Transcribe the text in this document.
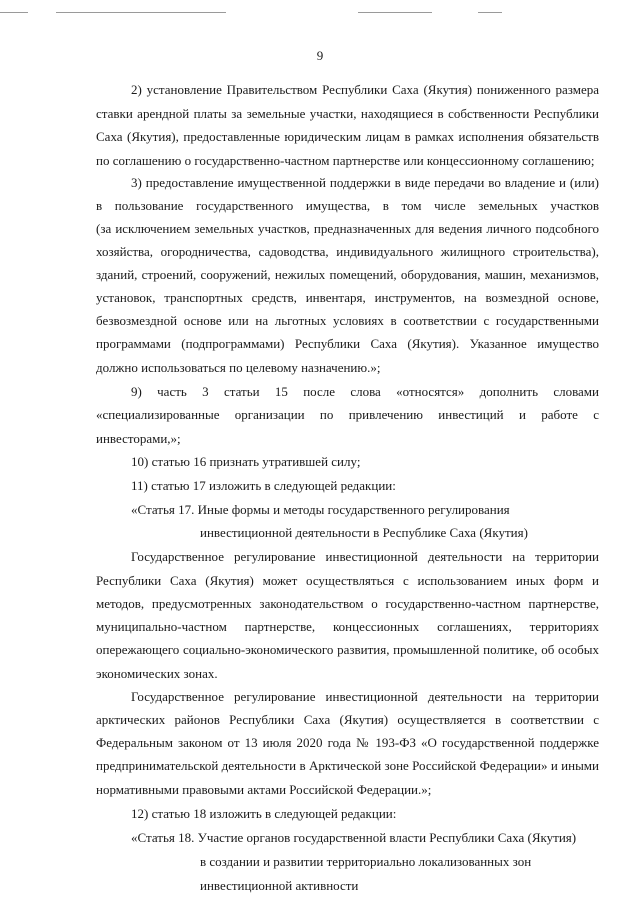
9
2) установление Правительством Республики Саха (Якутия) пониженного размера
ставки арендной платы за земельные участки, находящиеся в собственности Республики
Саха (Якутия), предоставленные юридическим лицам в рамках исполнения обязательств
по соглашению о государственно-частном партнерстве или концессионному соглашению;
3) предоставление имущественной поддержки в виде передачи во владение и (или)
в пользование государственного имущества, в том числе земельных участков
(за исключением земельных участков, предназначенных для ведения личного подсобного
хозяйства, огородничества, садоводства, индивидуального жилищного строительства),
зданий, строений, сооружений, нежилых помещений, оборудования, машин, механизмов,
установок, транспортных средств, инвентаря, инструментов, на возмездной основе,
безвозмездной основе или на льготных условиях в соответствии с государственными
программами (подпрограммами) Республики Саха (Якутия). Указанное имущество
должно использоваться по целевому назначению.»;
9) часть 3 статьи 15 после слова «относятся» дополнить словами
«специализированные организации по привлечению инвестиций и работе с
инвесторами,»;
10) статью 16 признать утратившей силу;
11) статью 17 изложить в следующей редакции:
«Статья 17. Иные формы и методы государственного регулирования
инвестиционной деятельности в Республике Саха (Якутия)
Государственное регулирование инвестиционной деятельности на территории
Республики Саха (Якутия) может осуществляться с использованием иных форм и
методов, предусмотренных законодательством о государственно-частном партнерстве,
муниципально-частном партнерстве, концессионных соглашениях, территориях
опережающего социально-экономического развития, промышленной политике, об особых
экономических зонах.
Государственное регулирование инвестиционной деятельности на территории
арктических районов Республики Саха (Якутия) осуществляется в соответствии с
Федеральным законом от 13 июля 2020 года № 193-ФЗ «О государственной поддержке
предпринимательской деятельности в Арктической зоне Российской Федерации» и иными
нормативными правовыми актами Российской Федерации.»;
12) статью 18 изложить в следующей редакции:
«Статья 18. Участие органов государственной власти Республики Саха (Якутия)
в создании и развитии территориально локализованных зон
инвестиционной активности
